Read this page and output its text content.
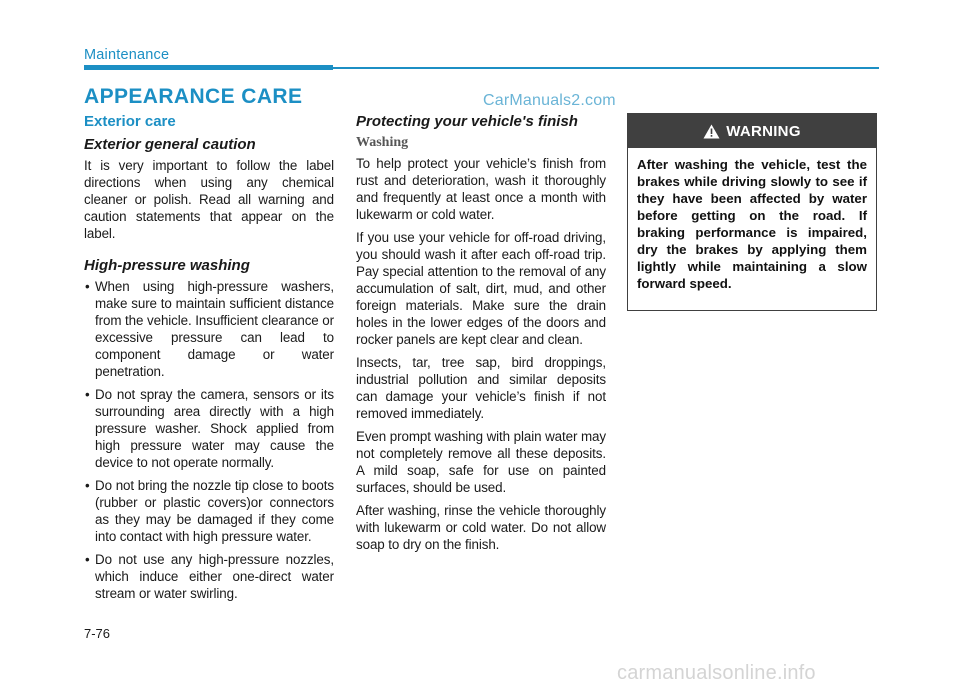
Maintenance
CarManuals2.com
APPEARANCE CARE
Exterior care
Exterior general caution

It is very important to follow the label directions when using any chemical cleaner or polish. Read all warning and caution statements that appear on the label.

High-pressure washing
• When using high-pressure washers, make sure to maintain sufficient distance from the vehicle. Insufficient clearance or excessive pressure can lead to component damage or water penetration.
• Do not spray the camera, sensors or its surrounding area directly with a high pressure washer. Shock applied from high pressure water may cause the device to not operate normally.
• Do not bring the nozzle tip close to boots (rubber or plastic covers)or connectors as they may be damaged if they come into contact with high pressure water.
• Do not use any high-pressure nozzles, which induce either one-direct water stream or water swirling.
Protecting your vehicle's finish
Washing

To help protect your vehicle’s finish from rust and deterioration, wash it thoroughly and frequently at least once a month with lukewarm or cold water.

If you use your vehicle for off-road driving, you should wash it after each off-road trip. Pay special attention to the removal of any accumulation of salt, dirt, mud, and other foreign materials. Make sure the drain holes in the lower edges of the doors and rocker panels are kept clear and clean.

Insects, tar, tree sap, bird droppings, industrial pollution and similar deposits can damage your vehicle’s finish if not removed immediately.

Even prompt washing with plain water may not completely remove all these deposits. A mild soap, safe for use on painted surfaces, should be used.

After washing, rinse the vehicle thoroughly with lukewarm or cold water. Do not allow soap to dry on the finish.

WARNING
After washing the vehicle, test the brakes while driving slowly to see if they have been affected by water before getting on the road. If braking performance is impaired, dry the brakes by applying them lightly while maintaining a slow forward speed.
7-76
carmanualsonline.info
